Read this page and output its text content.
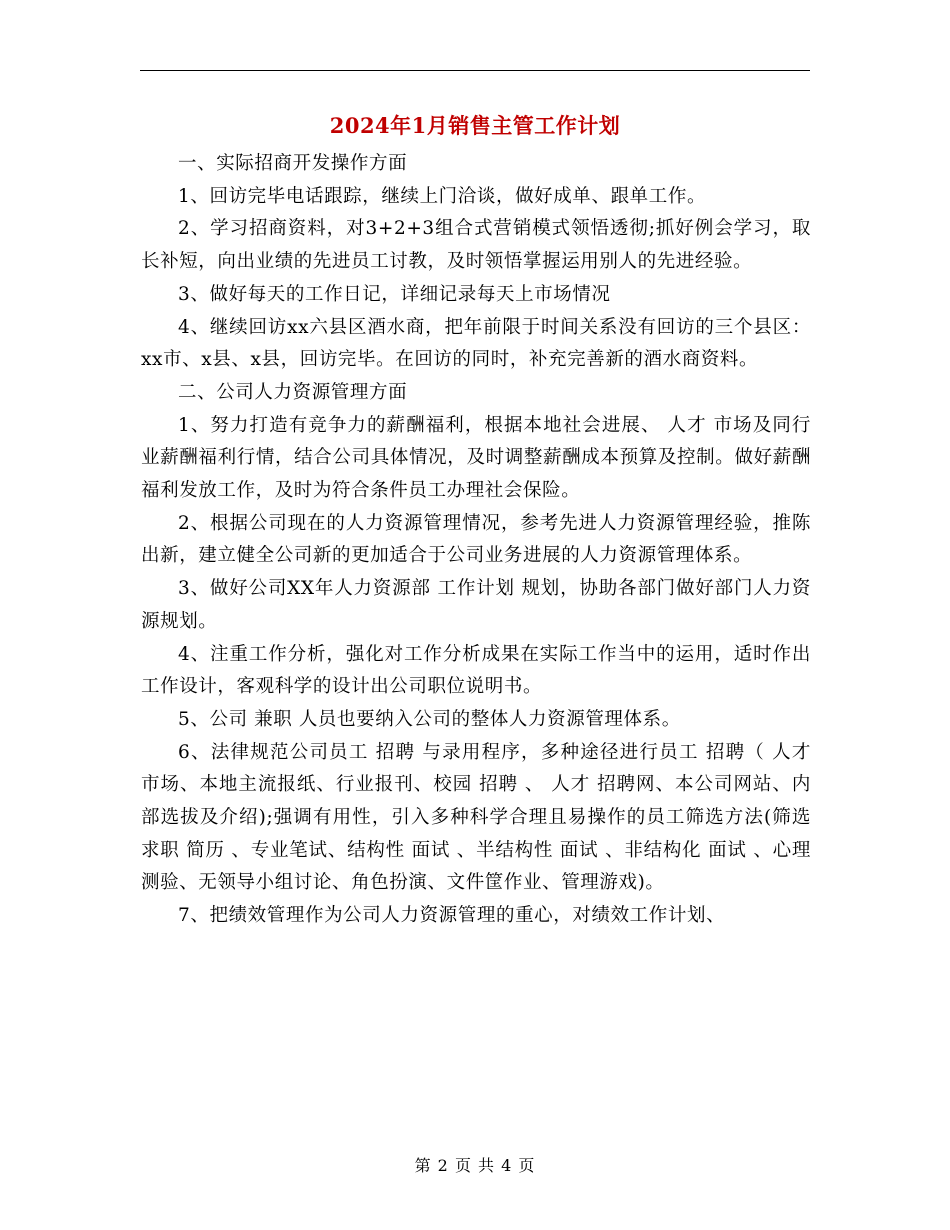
2024年1月销售主管工作计划

一、实际招商开发操作方面

1、回访完毕电话跟踪，继续上门洽谈，做好成单、跟单工作。

2、学习招商资料，对3+2+3组合式营销模式领悟透彻;抓好例会学习，取长补短，向出业绩的先进员工讨教，及时领悟掌握运用别人的先进经验。

3、做好每天的工作日记，详细记录每天上市场情况

4、继续回访xx六县区酒水商，把年前限于时间关系没有回访的三个县区：xx市、x县、x县，回访完毕。在回访的同时，补充完善新的酒水商资料。

二、公司人力资源管理方面

1、努力打造有竞争力的薪酬福利，根据本地社会进展、 人才 市场及同行业薪酬福利行情，结合公司具体情况，及时调整薪酬成本预算及控制。做好薪酬福利发放工作，及时为符合条件员工办理社会保险。

2、根据公司现在的人力资源管理情况，参考先进人力资源管理经验，推陈出新，建立健全公司新的更加适合于公司业务进展的人力资源管理体系。

3、做好公司XX年人力资源部 工作计划 规划，协助各部门做好部门人力资源规划。

4、注重工作分析，强化对工作分析成果在实际工作当中的运用，适时作出工作设计，客观科学的设计出公司职位说明书。

5、公司 兼职 人员也要纳入公司的整体人力资源管理体系。

6、法律规范公司员工 招聘 与录用程序，多种途径进行员工 招聘（ 人才 市场、本地主流报纸、行业报刊、校园 招聘 、 人才 招聘网、本公司网站、内部选拔及介绍);强调有用性，引入多种科学合理且易操作的员工筛选方法(筛选 求职 简历 、专业笔试、结构性 面试 、半结构性 面试 、非结构化 面试 、心理测验、无领导小组讨论、角色扮演、文件筐作业、管理游戏)。

7、把绩效管理作为公司人力资源管理的重心，对绩效工作计划、

第 2 页 共 4 页
